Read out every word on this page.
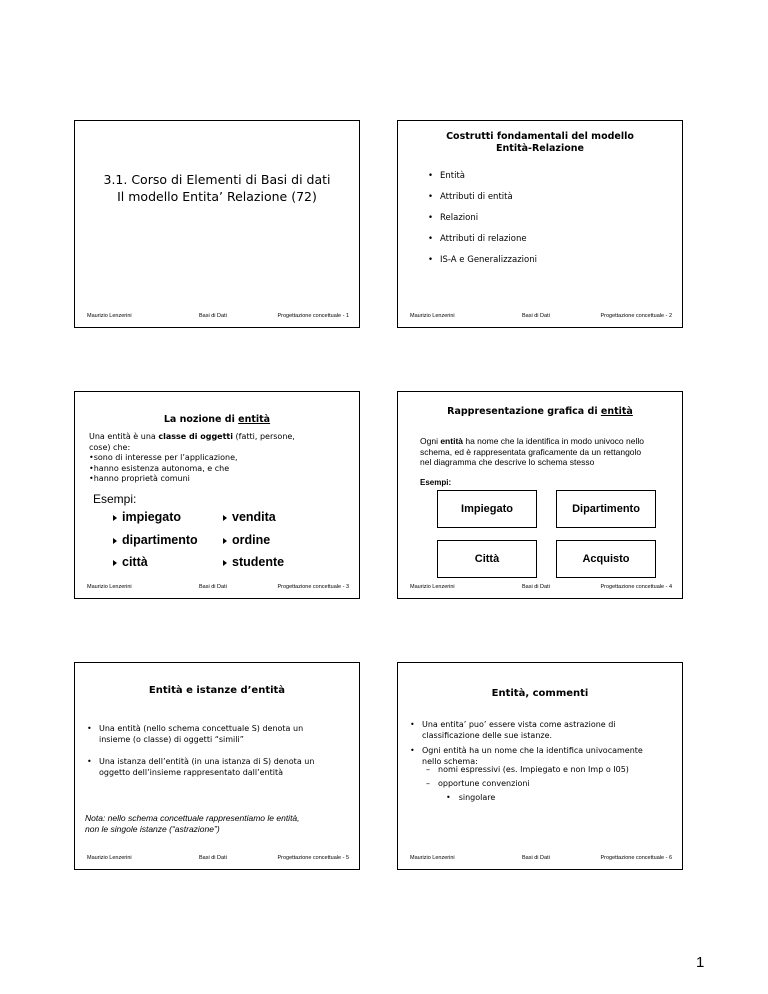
3.1. Corso di Elementi di Basi di dati
Il modello Entita’ Relazione (72)
Maurizio Lenzerini	Basi di Dati	Progettazione concettuale - 1
Costrutti fondamentali del modello
Entità-Relazione
• Entità
• Attributi di entità
• Relazioni
• Attributi di relazione
• IS-A e Generalizzazioni
Maurizio Lenzerini	Basi di Dati	Progettazione concettuale - 2
La nozione di entità
Una entità è una classe di oggetti (fatti, persone,
cose) che:
•sono di interesse per l’applicazione,
•hanno esistenza autonoma, e che
•hanno proprietà comuni
Esempi:
impiegato	vendita
dipartimento	ordine
città	studente
Maurizio Lenzerini	Basi di Dati	Progettazione concettuale - 3
Rappresentazione grafica di entità
Ogni entità ha nome che la identifica in modo univoco nello
schema, ed è rappresentata graficamente da un rettangolo
nel diagramma che descrive lo schema stesso
Esempi:
Impiegato	Dipartimento
Città	Acquisto
Maurizio Lenzerini	Basi di Dati	Progettazione concettuale - 4
Entità e istanze d’entità
• Una entità (nello schema concettuale S) denota un
insieme (o classe) di oggetti “simili”
• Una istanza dell’entità (in una istanza di S) denota un
oggetto dell’insieme rappresentato dall’entità
Nota: nello schema concettuale rappresentiamo le entità,
non le singole istanze (“astrazione”)
Maurizio Lenzerini	Basi di Dati	Progettazione concettuale - 5
Entità, commenti
• Una entita’ puo’ essere vista come astrazione di
classificazione delle sue istanze.
• Ogni entità ha un nome che la identifica univocamente
nello schema:
– nomi espressivi (es. Impiegato e non Imp o I05)
– opportune convenzioni
• singolare
Maurizio Lenzerini	Basi di Dati	Progettazione concettuale - 6
1
